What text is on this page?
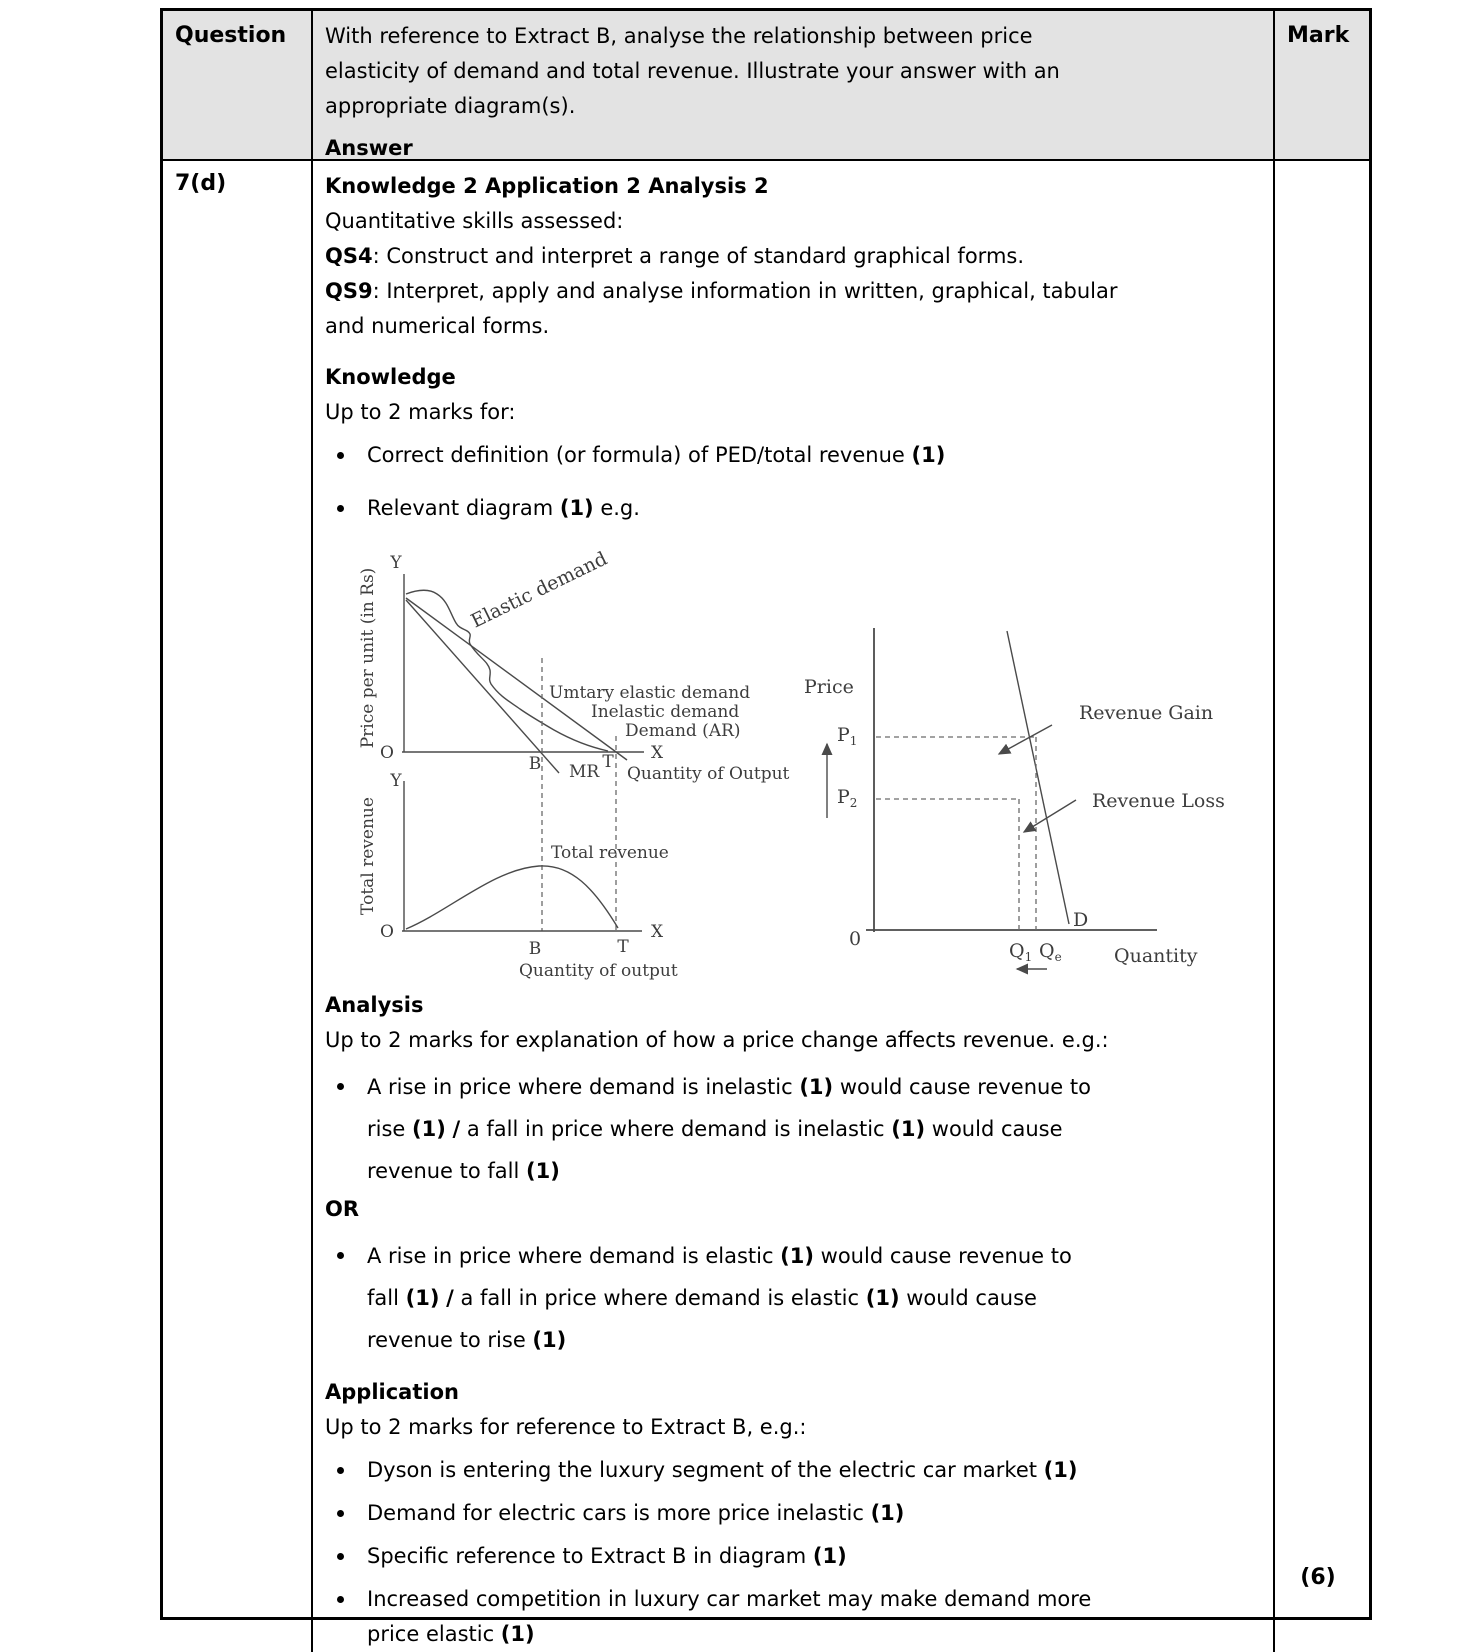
Question	With reference to Extract B, analyse the relationship between price
elasticity of demand and total revenue. Illustrate your answer with an
appropriate diagram(s).
Answer
Mark
7(d)	Knowledge 2 Application 2 Analysis 2
Quantitative skills assessed:
QS4: Construct and interpret a range of standard graphical forms.
QS9: Interpret, apply and analyse information in written, graphical, tabular
and numerical forms.
Knowledge
Up to 2 marks for:
Correct definition (or formula) of PED/total revenue (1)
Relevant diagram (1) e.g.
Y
Price per unit (in Rs)
O
Elastic demand
Umtary elastic demand
Inelastic demand
Demand (AR)
X
B	T
MR Quantity of Output
Y
Total revenue
O
Total revenue
B	T
X
Quantity of output
Price
$P_1$
$P_2$
Revenue Gain
Revenue Loss
D
0
$Q_1$ $Q_e$	Quantity
Analysis
Up to 2 marks for explanation of how a price change affects revenue. e.g.:
A rise in price where demand is inelastic (1) would cause revenue to
rise (1) / a fall in price where demand is inelastic (1) would cause
revenue to fall (1)
OR
A rise in price where demand is elastic (1) would cause revenue to
fall (1) / a fall in price where demand is elastic (1) would cause
revenue to rise (1)
Application
Up to 2 marks for reference to Extract B, e.g.:
Dyson is entering the luxury segment of the electric car market (1)
Demand for electric cars is more price inelastic (1)
Specific reference to Extract B in diagram (1)
Increased competition in luxury car market may make demand more
price elastic (1)
(6)
